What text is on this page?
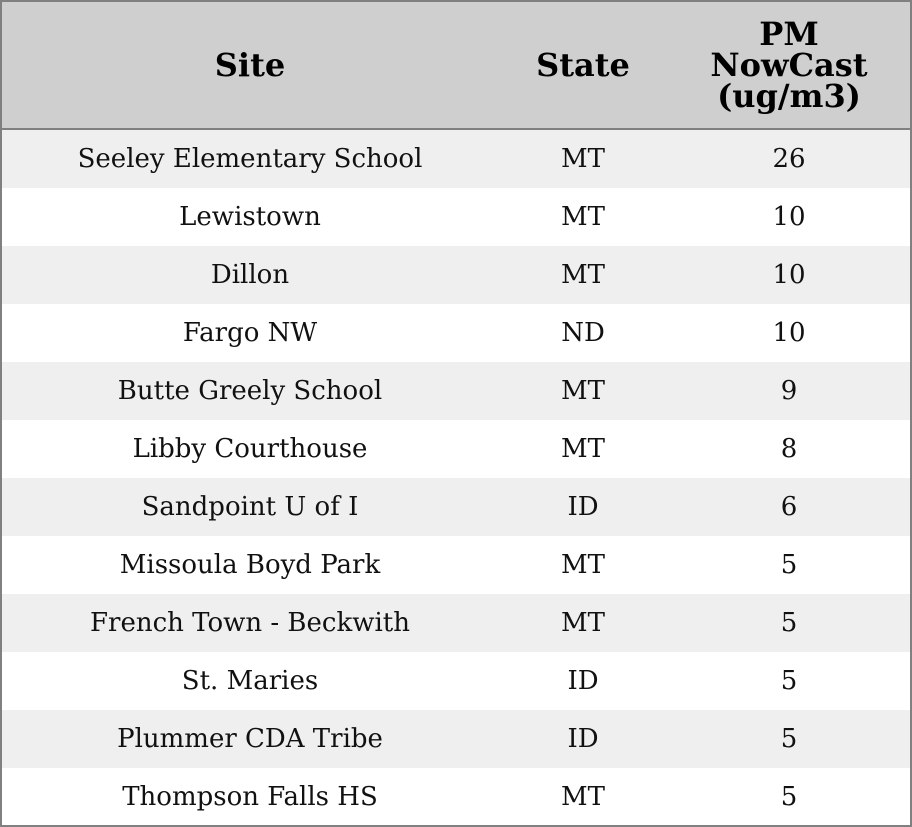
Site	State	PM
NowCast
(ug/m3)

Seeley Elementary School	MT	26
Lewistown	MT	10
Dillon	MT	10
Fargo NW	ND	10
Butte Greely School	MT	9
Libby Courthouse	MT	8
Sandpoint U of I	ID	6
Missoula Boyd Park	MT	5
French Town - Beckwith	MT	5
St. Maries	ID	5
Plummer CDA Tribe	ID	5
Thompson Falls HS	MT	5
